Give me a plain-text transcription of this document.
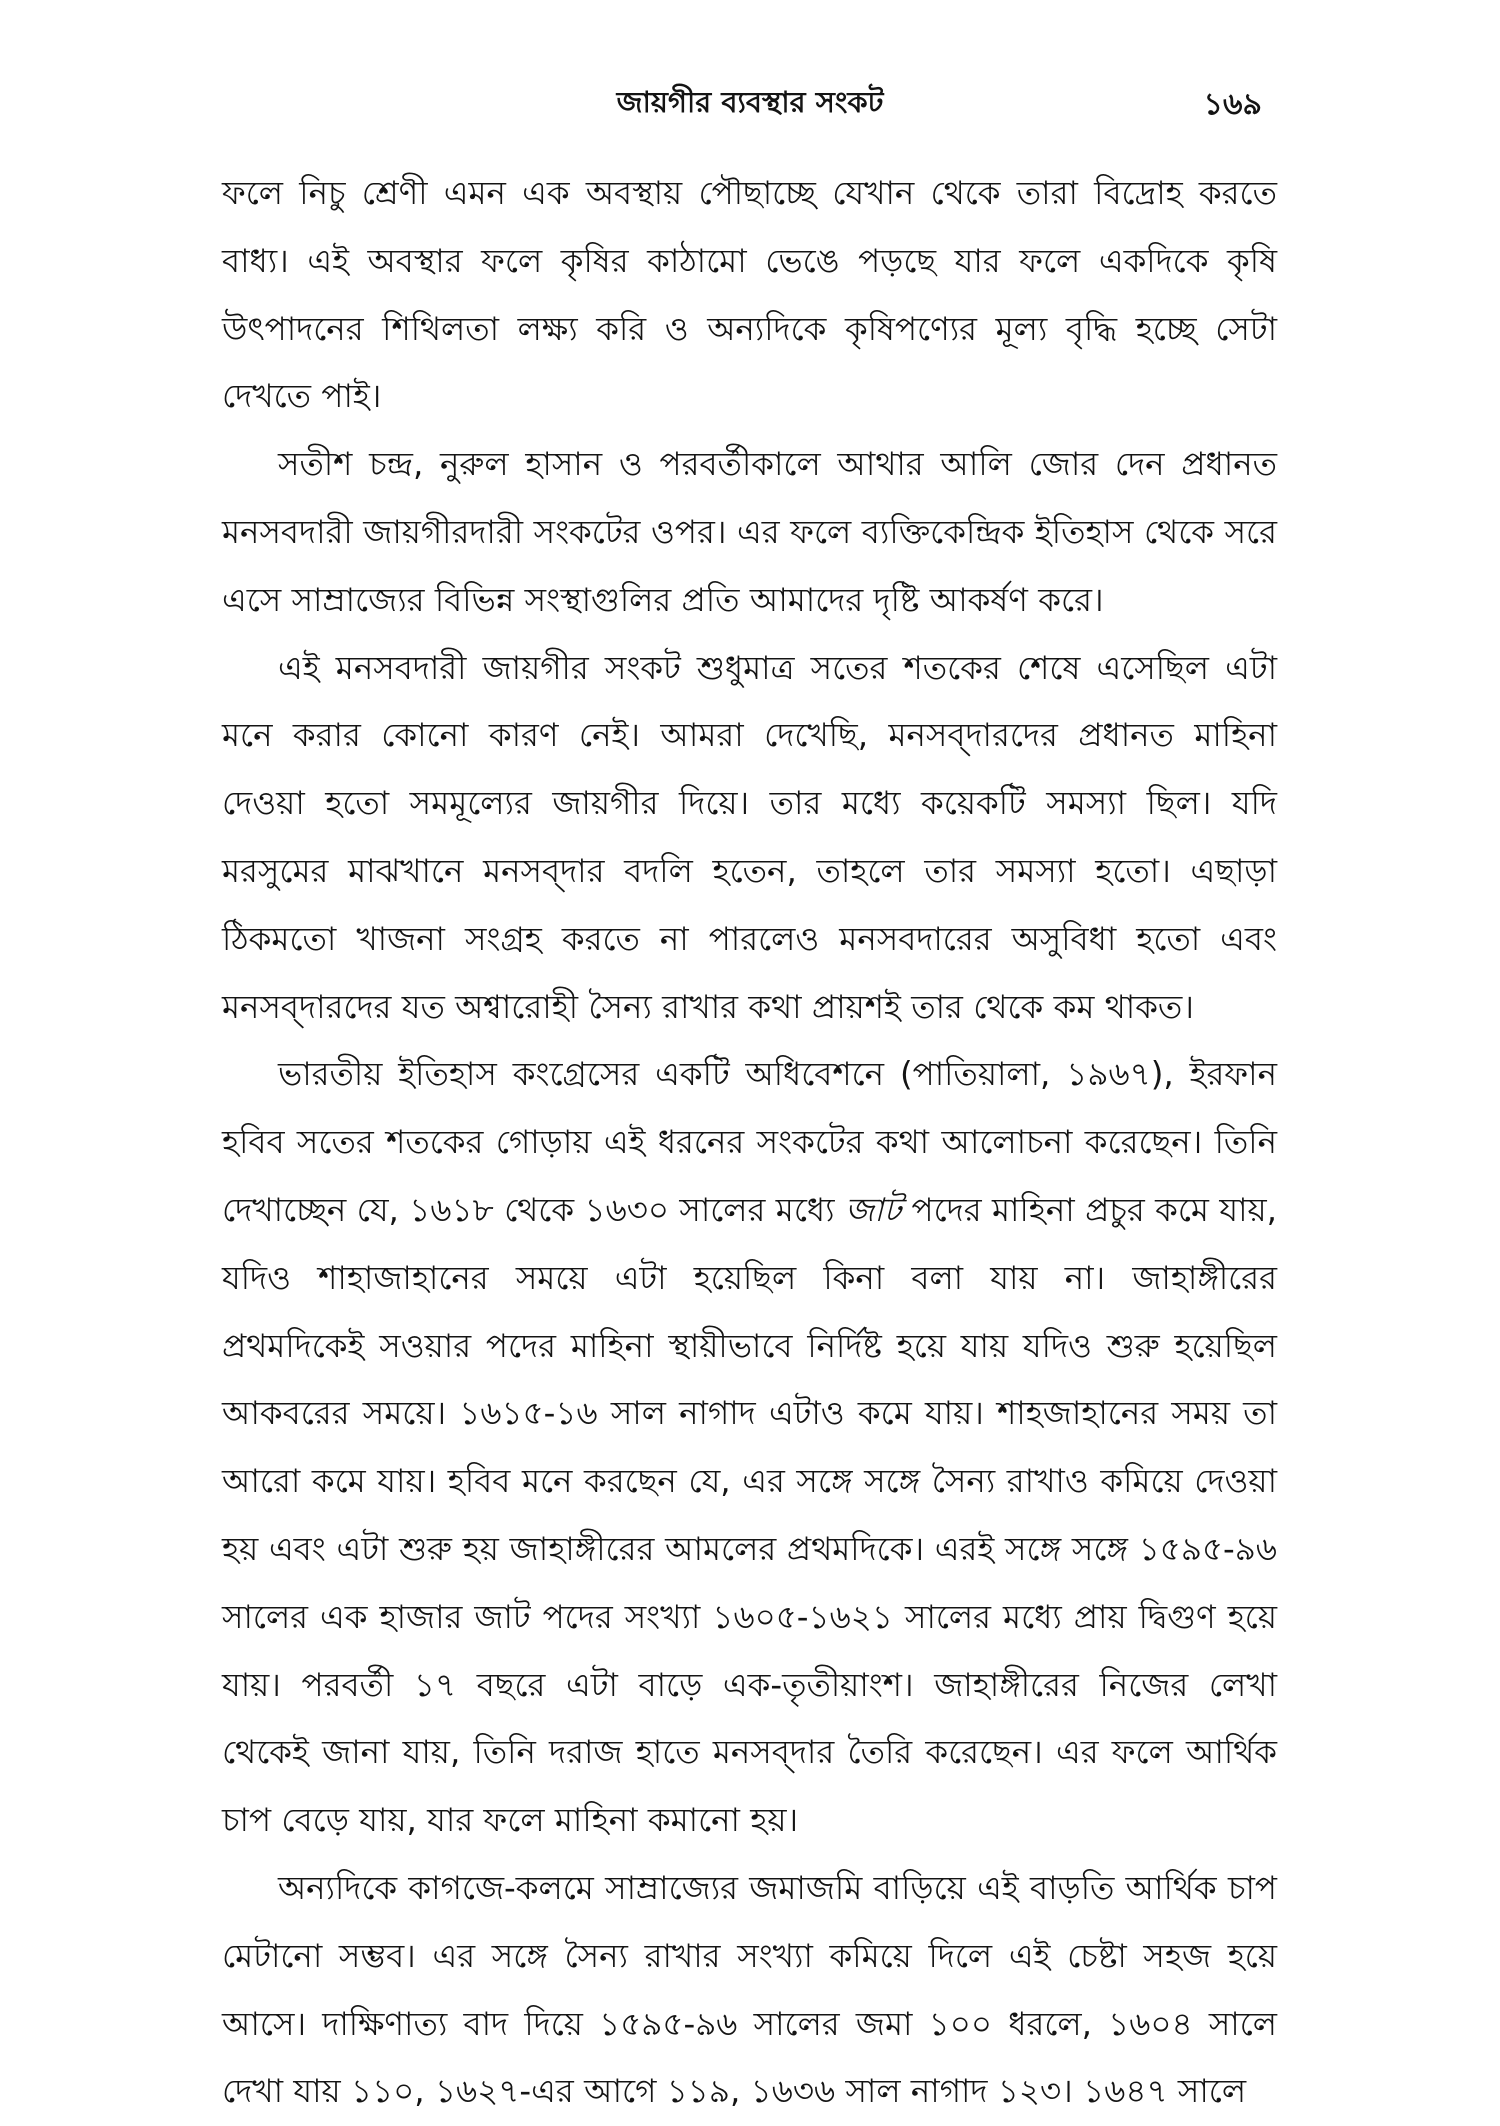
জায়গীর ব্যবস্থার সংকট	১৬৯

ফলে নিচু শ্রেণী এমন এক অবস্থায় পৌছাচ্ছে যেখান থেকে তারা বিদ্রোহ করতে বাধ্য। এই অবস্থার ফলে কৃষির কাঠামো ভেঙে পড়ছে যার ফলে একদিকে কৃষি উৎপাদনের শিথিলতা লক্ষ্য করি ও অন্যদিকে কৃষিপণ্যের মূল্য বৃদ্ধি হচ্ছে সেটা দেখতে পাই।

সতীশ চন্দ্র, নুরুল হাসান ও পরবর্তীকালে আথার আলি জোর দেন প্রধানত মনসবদারী জায়গীরদারী সংকটের ওপর। এর ফলে ব্যক্তিকেন্দ্রিক ইতিহাস থেকে সরে এসে সাম্রাজ্যের বিভিন্ন সংস্থাগুলির প্রতি আমাদের দৃষ্টি আকর্ষণ করে।

এই মনসবদারী জায়গীর সংকট শুধুমাত্র সতের শতকের শেষে এসেছিল এটা মনে করার কোনো কারণ নেই। আমরা দেখেছি, মনসব্‌দারদের প্রধানত মাহিনা দেওয়া হতো সমমূল্যের জায়গীর দিয়ে। তার মধ্যে কয়েকটি সমস্যা ছিল। যদি মরসুমের মাঝখানে মনসব্‌দার বদলি হতেন, তাহলে তার সমস্যা হতো। এছাড়া ঠিকমতো খাজনা সংগ্রহ করতে না পারলেও মনসবদারের অসুবিধা হতো এবং মনসব্‌দারদের যত অশ্বারোহী সৈন্য রাখার কথা প্রায়শই তার থেকে কম থাকত।

ভারতীয় ইতিহাস কংগ্রেসের একটি অধিবেশনে (পাতিয়ালা, ১৯৬৭), ইরফান হবিব সতের শতকের গোড়ায় এই ধরনের সংকটের কথা আলোচনা করেছেন। তিনি দেখাচ্ছেন যে, ১৬১৮ থেকে ১৬৩০ সালের মধ্যে জাট পদের মাহিনা প্রচুর কমে যায়, যদিও শাহাজাহানের সময়ে এটা হয়েছিল কিনা বলা যায় না। জাহাঙ্গীরের প্রথমদিকেই সওয়ার পদের মাহিনা স্থায়ীভাবে নির্দিষ্ট হয়ে যায় যদিও শুরু হয়েছিল আকবরের সময়ে। ১৬১৫-১৬ সাল নাগাদ এটাও কমে যায়। শাহজাহানের সময় তা আরো কমে যায়। হবিব মনে করছেন যে, এর সঙ্গে সঙ্গে সৈন্য রাখাও কমিয়ে দেওয়া হয় এবং এটা শুরু হয় জাহাঙ্গীরের আমলের প্রথমদিকে। এরই সঙ্গে সঙ্গে ১৫৯৫-৯৬ সালের এক হাজার জাট পদের সংখ্যা ১৬০৫-১৬২১ সালের মধ্যে প্রায় দ্বিগুণ হয়ে যায়। পরবর্তী ১৭ বছরে এটা বাড়ে এক-তৃতীয়াংশ। জাহাঙ্গীরের নিজের লেখা থেকেই জানা যায়, তিনি দরাজ হাতে মনসব্‌দার তৈরি করেছেন। এর ফলে আর্থিক চাপ বেড়ে যায়, যার ফলে মাহিনা কমানো হয়।

অন্যদিকে কাগজে-কলমে সাম্রাজ্যের জমাজমি বাড়িয়ে এই বাড়তি আর্থিক চাপ মেটানো সম্ভব। এর সঙ্গে সৈন্য রাখার সংখ্যা কমিয়ে দিলে এই চেষ্টা সহজ হয়ে আসে। দাক্ষিণাত্য বাদ দিয়ে ১৫৯৫-৯৬ সালের জমা ১০০ ধরলে, ১৬০৪ সালে দেখা যায় ১১০, ১৬২৭-এর আগে ১১৯, ১৬৩৬ সাল নাগাদ ১২৩। ১৬৪৭ সালে
